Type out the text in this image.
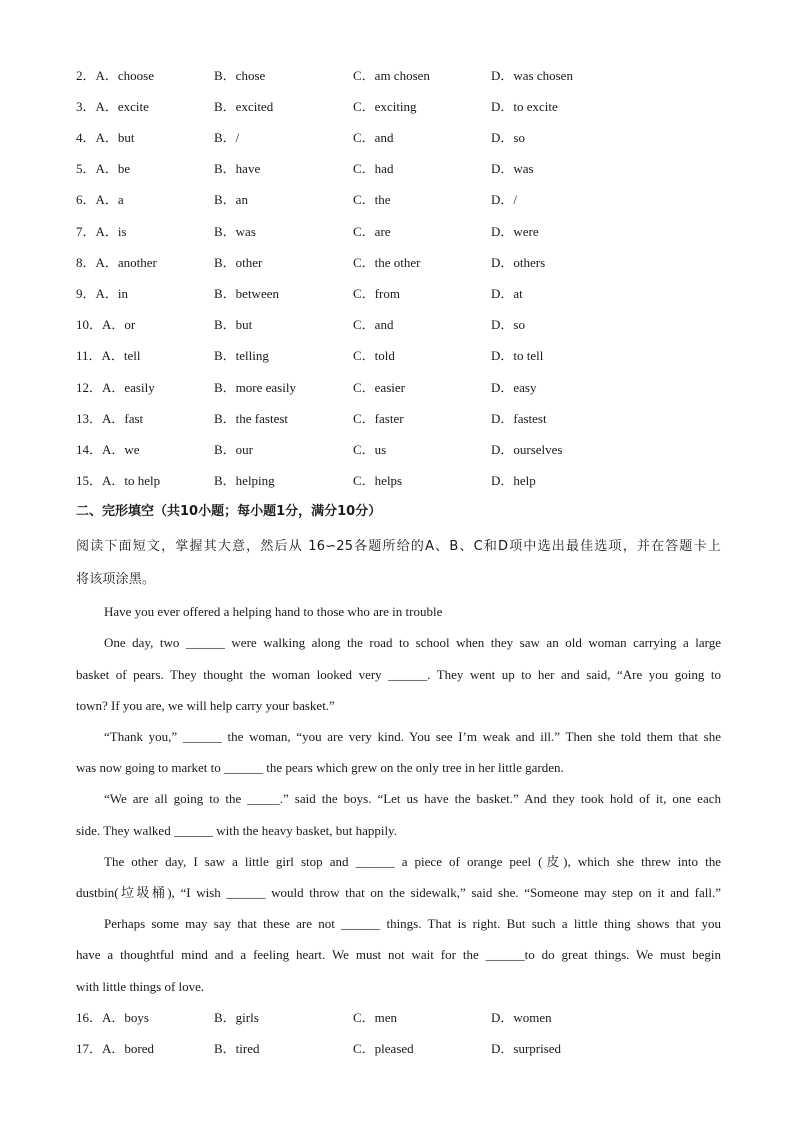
2．A．choose	B．chose	C．am chosen	D．was chosen
3．A．excite	B．excited	C．exciting	D．to excite
4．A．but	B．/	C．and	D．so
5．A．be	B．have	C．had	D．was
6．A．a	B．an	C．the	D．/
7．A．is	B．was	C．are	D．were
8．A．another	B．other	C．the other	D．others
9．A．in	B．between	C．from	D．at
10．A．or	B．but	C．and	D．so
11．A．tell	B．telling	C．told	D．to tell
12．A．easily	B．more easily	C．easier	D．easy
13．A．fast	B．the fastest	C．faster	D．fastest
14．A．we	B．our	C．us	D．ourselves
15．A．to help	B．helping	C．helps	D．help
二、完形填空（共10小题；每小题1分，满分10分）
阅读下面短文，掌握其大意，然后从 16∽25各题所给的A、B、C和D项中选出最佳选项，并在答题卡上
将该项涂黑。
Have you ever offered a helping hand to those who are in trouble
One day, two ______ were walking along the road to school when they saw an old woman carrying a large
basket of pears. They thought the woman looked very ______. They went up to her and said, “Are you going to
town? If you are, we will help carry your basket.”
“Thank you,” ______ the woman, “you are very kind. You see I’m weak and ill.” Then she told them that she
was now going to market to ______ the pears which grew on the only tree in her little garden.
“We are all going to the _____.” said the boys. “Let us have the basket.” And they took hold of it, one each
side. They walked ______ with the heavy basket, but happily.
The other day, I saw a little girl stop and ______ a piece of orange peel (皮), which she threw into the
dustbin(垃圾桶), “I wish ______ would throw that on the sidewalk,” said she. “Someone may step on it and fall.”
Perhaps some may say that these are not ______ things. That is right. But such a little thing shows that you
have a thoughtful mind and a feeling heart. We must not wait for the ______to do great things. We must begin
with little things of love.
16．A．boys	B．girls	C．men	D．women
17．A．bored	B．tired	C．pleased	D．surprised
